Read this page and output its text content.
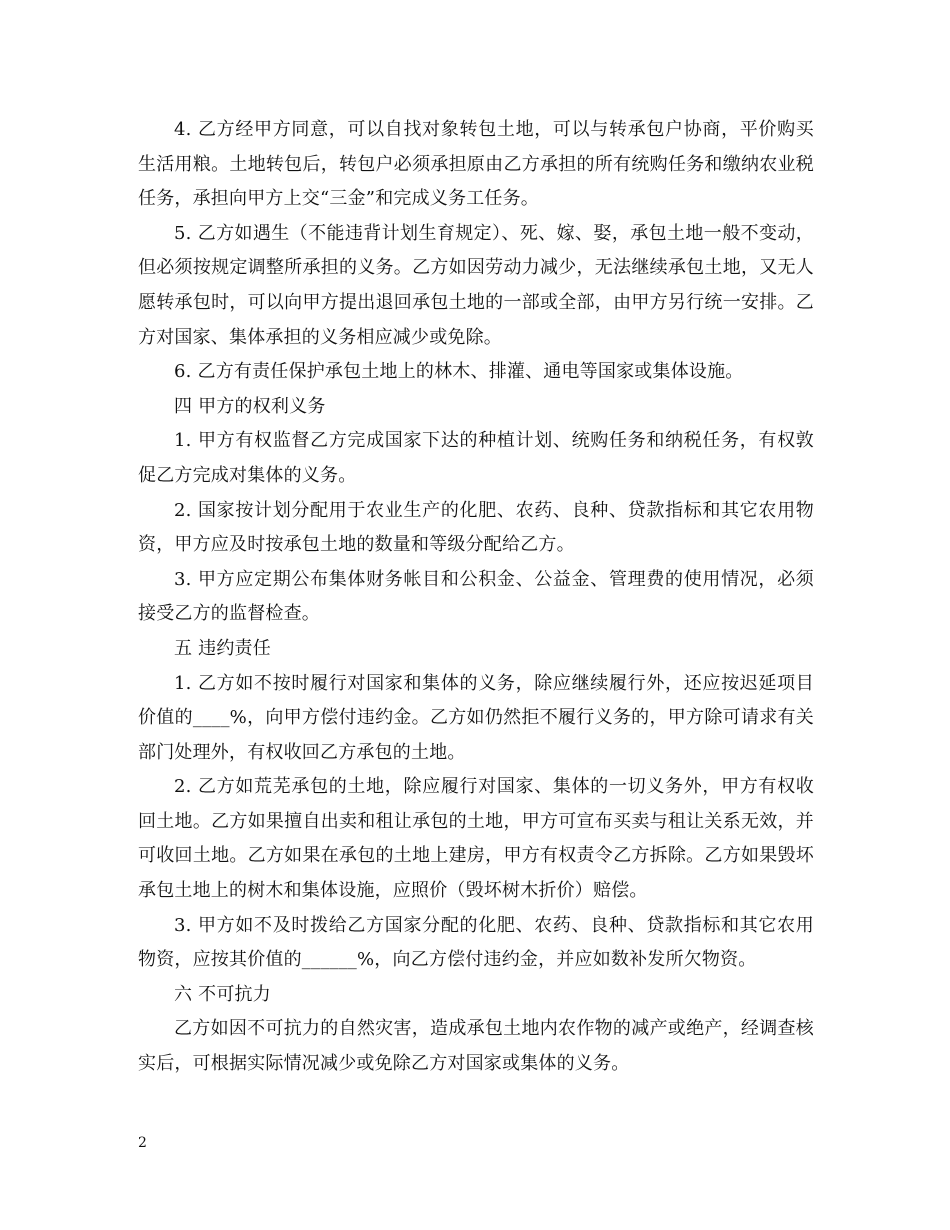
4. 乙方经甲方同意，可以自找对象转包土地，可以与转承包户协商，平价购买生活用粮。土地转包后，转包户必须承担原由乙方承担的所有统购任务和缴纳农业税任务，承担向甲方上交“三金”和完成义务工任务。

5. 乙方如遇生（不能违背计划生育规定）、死、嫁、娶，承包土地一般不变动，但必须按规定调整所承担的义务。乙方如因劳动力减少，无法继续承包土地，又无人愿转承包时，可以向甲方提出退回承包土地的一部或全部，由甲方另行统一安排。乙方对国家、集体承担的义务相应减少或免除。

6. 乙方有责任保护承包土地上的林木、排灌、通电等国家或集体设施。

四 甲方的权利义务

1. 甲方有权监督乙方完成国家下达的种植计划、统购任务和纳税任务，有权敦促乙方完成对集体的义务。

2. 国家按计划分配用于农业生产的化肥、农药、良种、贷款指标和其它农用物资，甲方应及时按承包土地的数量和等级分配给乙方。

3. 甲方应定期公布集体财务帐目和公积金、公益金、管理费的使用情况，必须接受乙方的监督检查。

五 违约责任

1. 乙方如不按时履行对国家和集体的义务，除应继续履行外，还应按迟延项目价值的____%，向甲方偿付违约金。乙方如仍然拒不履行义务的，甲方除可请求有关部门处理外，有权收回乙方承包的土地。

2. 乙方如荒芜承包的土地，除应履行对国家、集体的一切义务外，甲方有权收回土地。乙方如果擅自出卖和租让承包的土地，甲方可宣布买卖与租让关系无效，并可收回土地。乙方如果在承包的土地上建房，甲方有权责令乙方拆除。乙方如果毁坏承包土地上的树木和集体设施，应照价（毁坏树木折价）赔偿。

3. 甲方如不及时拨给乙方国家分配的化肥、农药、良种、贷款指标和其它农用物资，应按其价值的______%，向乙方偿付违约金，并应如数补发所欠物资。

六 不可抗力

乙方如因不可抗力的自然灾害，造成承包土地内农作物的减产或绝产，经调查核实后，可根据实际情况减少或免除乙方对国家或集体的义务。

2
